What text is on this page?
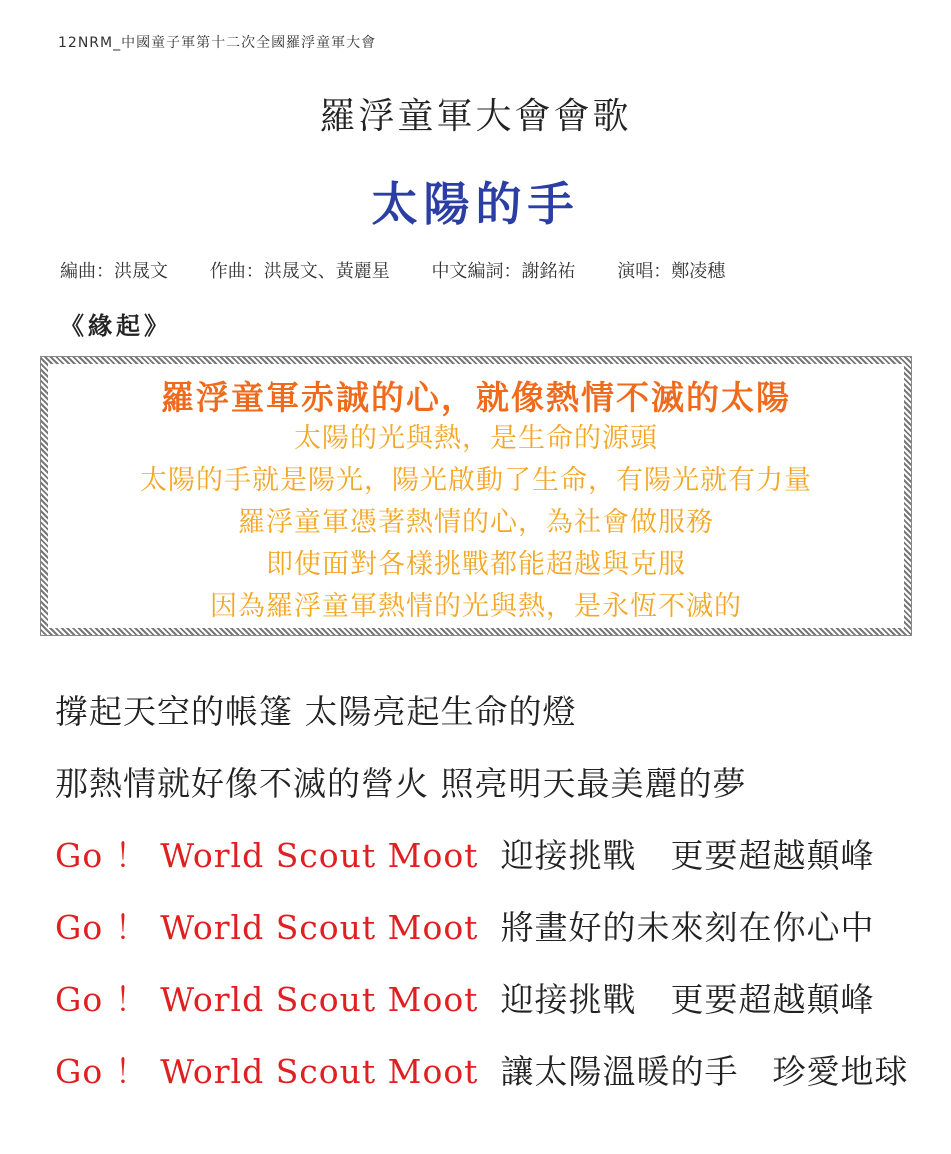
12NRM_中國童子軍第十二次全國羅浮童軍大會
羅浮童軍大會會歌
太陽的手
編曲：洪晟文 作曲：洪晟文、黃麗星 中文編詞：謝銘祐 演唱：鄭凌穗
《緣起》
羅浮童軍赤誠的心，就像熱情不滅的太陽
太陽的光與熱，是生命的源頭
太陽的手就是陽光，陽光啟動了生命，有陽光就有力量
羅浮童軍憑著熱情的心，為社會做服務
即使面對各樣挑戰都能超越與克服
因為羅浮童軍熱情的光與熱，是永恆不滅的
撐起天空的帳篷 太陽亮起生命的燈
那熱情就好像不滅的營火 照亮明天最美麗的夢
Go ！ World Scout Moot 迎接挑戰　更要超越顛峰
Go ！ World Scout Moot 將畫好的未來刻在你心中
Go ！ World Scout Moot 迎接挑戰　更要超越顛峰
Go ！ World Scout Moot 讓太陽溫暖的手　珍愛地球
